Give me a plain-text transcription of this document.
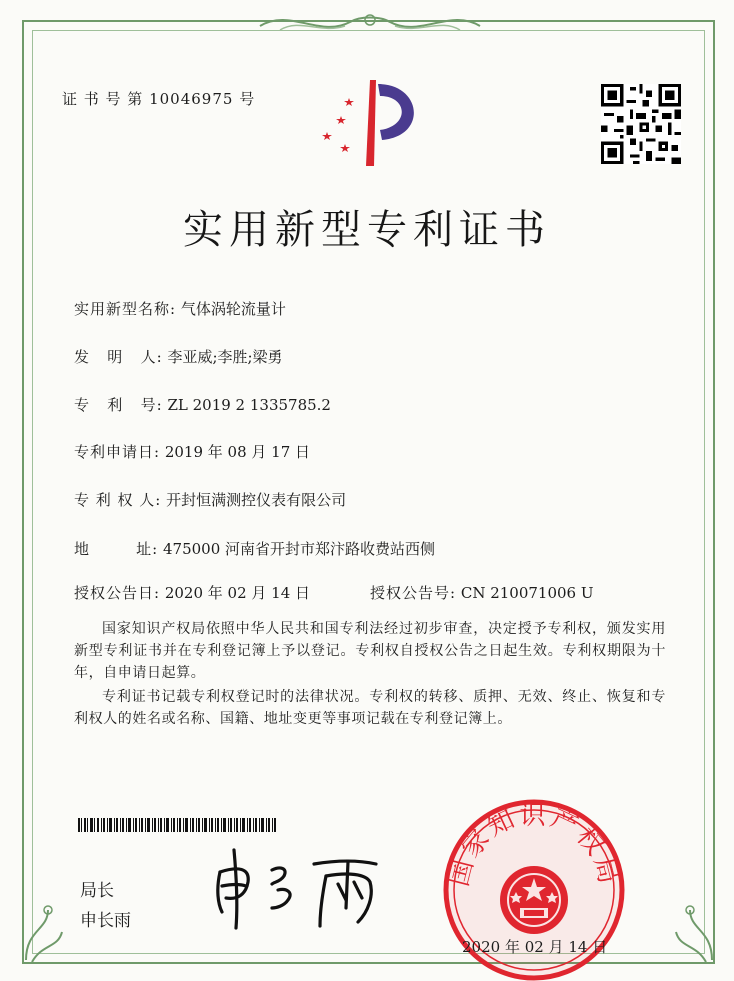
证 书 号 第 10046975 号
实用新型专利证书
实用新型名称: 气体涡轮流量计
发   明   人: 李亚威;李胜;梁勇
专   利   号: ZL 2019 2 1335785.2
专利申请日: 2019 年 08 月 17 日
专 利 权 人: 开封恒满测控仪表有限公司
地        址: 475000 河南省开封市郑汴路收费站西侧
授权公告日: 2020 年 02 月 14 日	授权公告号: CN 210071006 U

国家知识产权局依照中华人民共和国专利法经过初步审查，决定授予专利权，颁发实用新型专利证书并在专利登记簿上予以登记。专利权自授权公告之日起生效。专利权期限为十年，自申请日起算。

专利证书记载专利权登记时的法律状况。专利权的转移、质押、无效、终止、恢复和专利权人的姓名或名称、国籍、地址变更等事项记载在专利登记簿上。

局长
申长雨
国家知识产权局
2020 年 02 月 14 日
